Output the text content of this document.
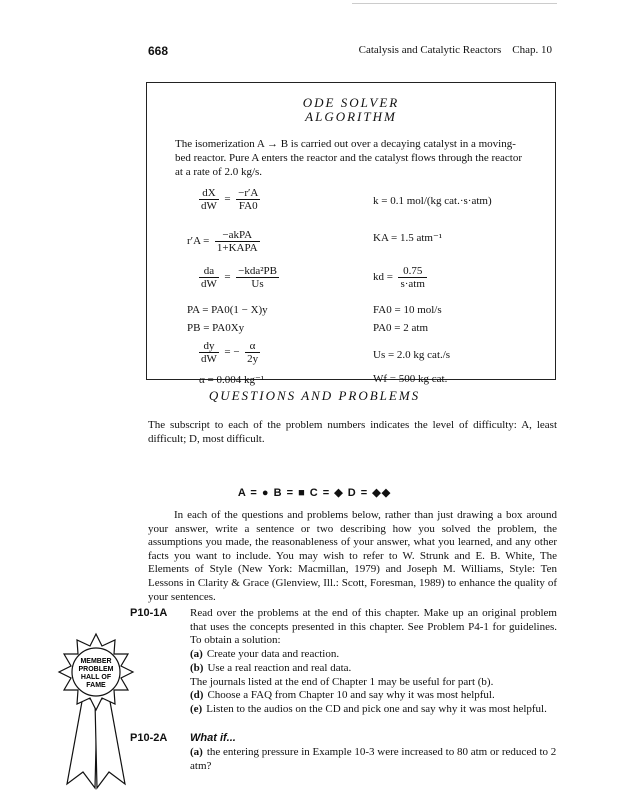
668	Catalysis and Catalytic Reactors    Chap. 10
ODE SOLVER
ALGORITHM
The isomerization A → B is carried out over a decaying catalyst in a moving-bed reactor. Pure A enters the reactor and the catalyst flows through the reactor at a rate of 2.0 kg/s.
$\frac{dX}{dW} = \frac{-r'A}{FA0}$
$r'A = \frac{\text{−akPA}}{\text{1+KAPA}}$
$\frac{da}{dW} = \frac{\text{−kda²PB}}{Us}$
PA = PA0(1 − X)y
PB = PA0Xy
$\frac{dy}{dW}$ = − $\frac{\alpha}{2y}$
α = 0.004 kg⁻¹
k = 0.1 mol/(kg cat.·s·atm)
KA = 1.5 atm⁻¹
kd = $\frac{0.75}{\text{s·atm}}$
FA0 = 10 mol/s
PA0 = 2 atm
Us = 2.0 kg cat./s
Wf = 500 kg cat.
QUESTIONS AND PROBLEMS
The subscript to each of the problem numbers indicates the level of difficulty: A, least difficult; D, most difficult.
A = ● B = ■ C = ◆ D = ◆◆
In each of the questions and problems below, rather than just drawing a box around your answer, write a sentence or two describing how you solved the problem, the assumptions you made, the reasonableness of your answer, what you learned, and any other facts you want to include. You may wish to refer to W. Strunk and E. B. White, The Elements of Style (New York: Macmillan, 1979) and Joseph M. Williams, Style: Ten Lessons in Clarity & Grace (Glenview, Ill.: Scott, Foresman, 1989) to enhance the quality of your sentences.
P10-1A Read over the problems at the end of this chapter. Make up an original problem that uses the concepts presented in this chapter. See Problem P4-1 for guidelines. To obtain a solution:
(a) Create your data and reaction.
(b) Use a real reaction and real data.
The journals listed at the end of Chapter 1 may be useful for part (b).
(d) Choose a FAQ from Chapter 10 and say why it was most helpful.
(e) Listen to the audios on the CD and pick one and say why it was most helpful.
P10-2A What if...
(a) the entering pressure in Example 10-3 were increased to 80 atm or reduced to 2 atm?
MEMBER
PROBLEM
HALL OF
FAME
